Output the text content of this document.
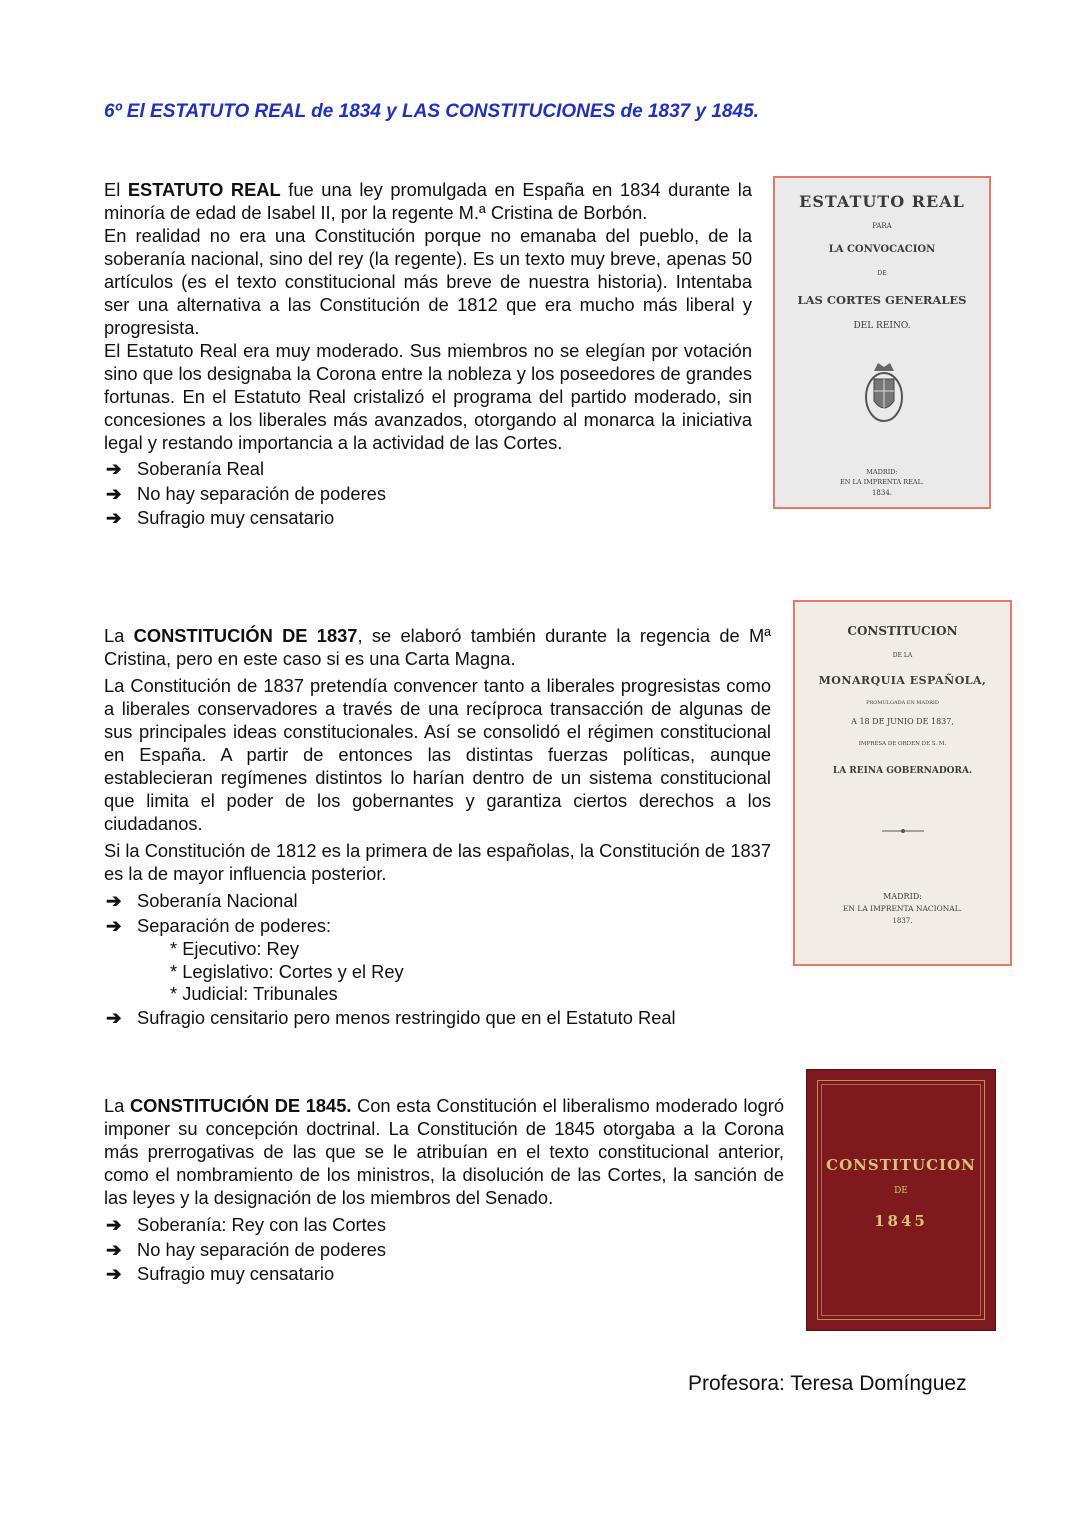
6º El ESTATUTO REAL de 1834 y LAS CONSTITUCIONES de 1837 y 1845.

El ESTATUTO REAL fue una ley promulgada en España en 1834 durante la minoría de edad de Isabel II, por la regente M.ª Cristina de Borbón.

En realidad no era una Constitución porque no emanaba del pueblo, de la soberanía nacional, sino del rey (la regente). Es un texto muy breve, apenas 50 artículos (es el texto constitucional más breve de nuestra historia). Intentaba ser una alternativa a las Constitución de 1812 que era mucho más liberal y progresista.

El Estatuto Real era muy moderado. Sus miembros no se elegían por votación sino que los designaba la Corona entre la nobleza y los poseedores de grandes fortunas. En el Estatuto Real cristalizó el programa del partido moderado, sin concesiones a los liberales más avanzados, otorgando al monarca la iniciativa legal y restando importancia a la actividad de las Cortes.

➔ Soberanía Real
➔ No hay separación de poderes
➔ Sufragio muy censatario
ESTATUTO REAL
PARA
LA CONVOCACION
DE
LAS CORTES GENERALES
DEL REINO.
MADRID:
EN LA IMPRENTA REAL.
1834.

La CONSTITUCIÓN DE 1837, se elaboró también durante la regencia de Mª Cristina, pero en este caso si es una Carta Magna.

La Constitución de 1837 pretendía convencer tanto a liberales progresistas como a liberales conservadores a través de una recíproca transacción de algunas de sus principales ideas constitucionales. Así se consolidó el régimen constitucional en España. A partir de entonces las distintas fuerzas políticas, aunque establecieran regímenes distintos lo harían dentro de un sistema constitucional que limita el poder de los gobernantes y garantiza ciertos derechos a los ciudadanos.

Si la Constitución de 1812 es la primera de las españolas, la Constitución de 1837 es la de mayor influencia posterior.

➔ Soberanía Nacional
➔ Separación de poderes:
* Ejecutivo: Rey
* Legislativo: Cortes y el Rey
* Judicial: Tribunales
➔ Sufragio censitario pero menos restringido que en el Estatuto Real
CONSTITUCION
DE LA
MONARQUIA ESPAÑOLA,
PROMULGADA EN MADRID
A 18 DE JUNIO DE 1837,
IMPRESA DE ORDEN DE S. M.
LA REINA GOBERNADORA.
MADRID:
EN LA IMPRENTA NACIONAL.
1837.

La CONSTITUCIÓN DE 1845. Con esta Constitución el liberalismo moderado logró imponer su concepción doctrinal. La Constitución de 1845 otorgaba a la Corona más prerrogativas de las que se le atribuían en el texto constitucional anterior, como el nombramiento de los ministros, la disolución de las Cortes, la sanción de las leyes y la designación de los miembros del Senado.

➔ Soberanía: Rey con las Cortes
➔ No hay separación de poderes
➔ Sufragio muy censatario
CONSTITUCION
DE
1845
Profesora: Teresa Domínguez
